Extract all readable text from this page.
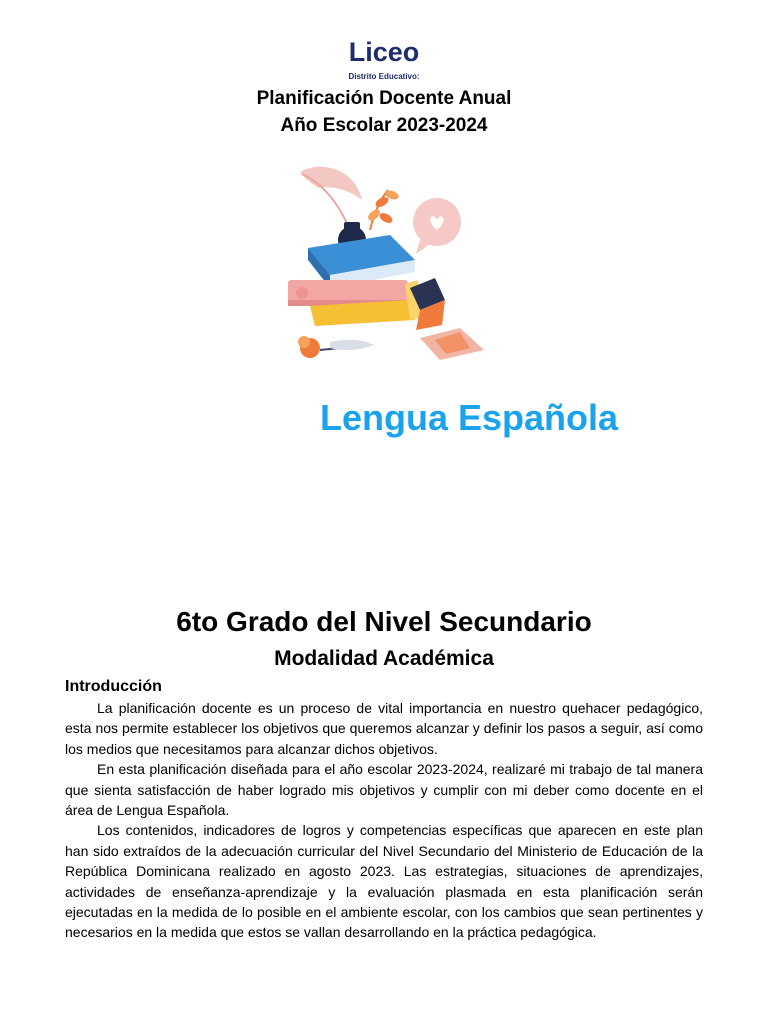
Liceo
Distrito Educativo:
Planificación Docente Anual
Año Escolar 2023-2024
Lengua Española
6to Grado del Nivel Secundario
Modalidad Académica
Introducción

La planificación docente es un proceso de vital importancia en nuestro quehacer pedagógico, esta nos permite establecer los objetivos que queremos alcanzar y definir los pasos a seguir, así como los medios que necesitamos para alcanzar dichos objetivos.

En esta planificación diseñada para el año escolar 2023-2024, realizaré mi trabajo de tal manera que sienta satisfacción de haber logrado mis objetivos y cumplir con mi deber como docente en el área de Lengua Española.

Los contenidos, indicadores de logros y competencias específicas que aparecen en este plan han sido extraídos de la adecuación curricular del Nivel Secundario del Ministerio de Educación de la República Dominicana realizado en agosto 2023. Las estrategias, situaciones de aprendizajes, actividades de enseñanza-aprendizaje y la evaluación plasmada en esta planificación serán ejecutadas en la medida de lo posible en el ambiente escolar, con los cambios que sean pertinentes y necesarios en la medida que estos se vallan desarrollando en la práctica pedagógica.
